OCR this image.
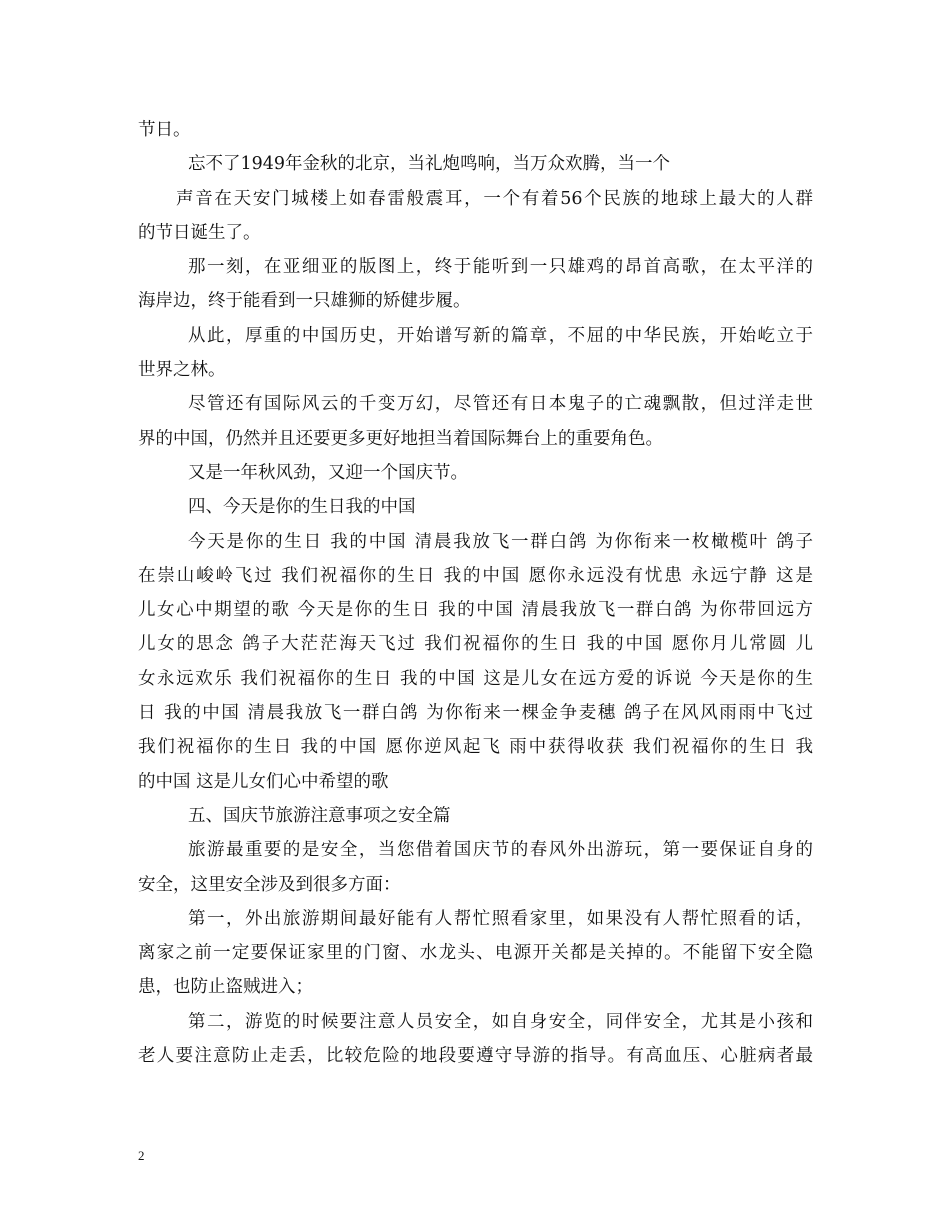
节日。
忘不了1949年金秋的北京，当礼炮鸣响，当万众欢腾，当一个
声音在天安门城楼上如春雷般震耳，一个有着56个民族的地球上最大的人群
的节日诞生了。
那一刻，在亚细亚的版图上，终于能听到一只雄鸡的昂首高歌，在太平洋的
海岸边，终于能看到一只雄狮的矫健步履。
从此，厚重的中国历史，开始谱写新的篇章，不屈的中华民族，开始屹立于
世界之林。
尽管还有国际风云的千变万幻，尽管还有日本鬼子的亡魂飘散，但过洋走世
界的中国，仍然并且还要更多更好地担当着国际舞台上的重要角色。
又是一年秋风劲，又迎一个国庆节。
四、今天是你的生日我的中国
今天是你的生日 我的中国 清晨我放飞一群白鸽 为你衔来一枚橄榄叶 鸽子
在崇山峻岭飞过 我们祝福你的生日 我的中国 愿你永远没有忧患 永远宁静 这是
儿女心中期望的歌 今天是你的生日 我的中国 清晨我放飞一群白鸽 为你带回远方
儿女的思念 鸽子大茫茫海天飞过 我们祝福你的生日 我的中国 愿你月儿常圆 儿
女永远欢乐 我们祝福你的生日 我的中国 这是儿女在远方爱的诉说 今天是你的生
日 我的中国 清晨我放飞一群白鸽 为你衔来一棵金争麦穗 鸽子在风风雨雨中飞过
我们祝福你的生日 我的中国 愿你逆风起飞 雨中获得收获 我们祝福你的生日 我
的中国 这是儿女们心中希望的歌
五、国庆节旅游注意事项之安全篇
旅游最重要的是安全，当您借着国庆节的春风外出游玩，第一要保证自身的
安全，这里安全涉及到很多方面：
第一，外出旅游期间最好能有人帮忙照看家里，如果没有人帮忙照看的话，
离家之前一定要保证家里的门窗、水龙头、电源开关都是关掉的。不能留下安全隐
患，也防止盗贼进入；
第二，游览的时候要注意人员安全，如自身安全，同伴安全，尤其是小孩和
老人要注意防止走丢，比较危险的地段要遵守导游的指导。有高血压、心脏病者最
2
